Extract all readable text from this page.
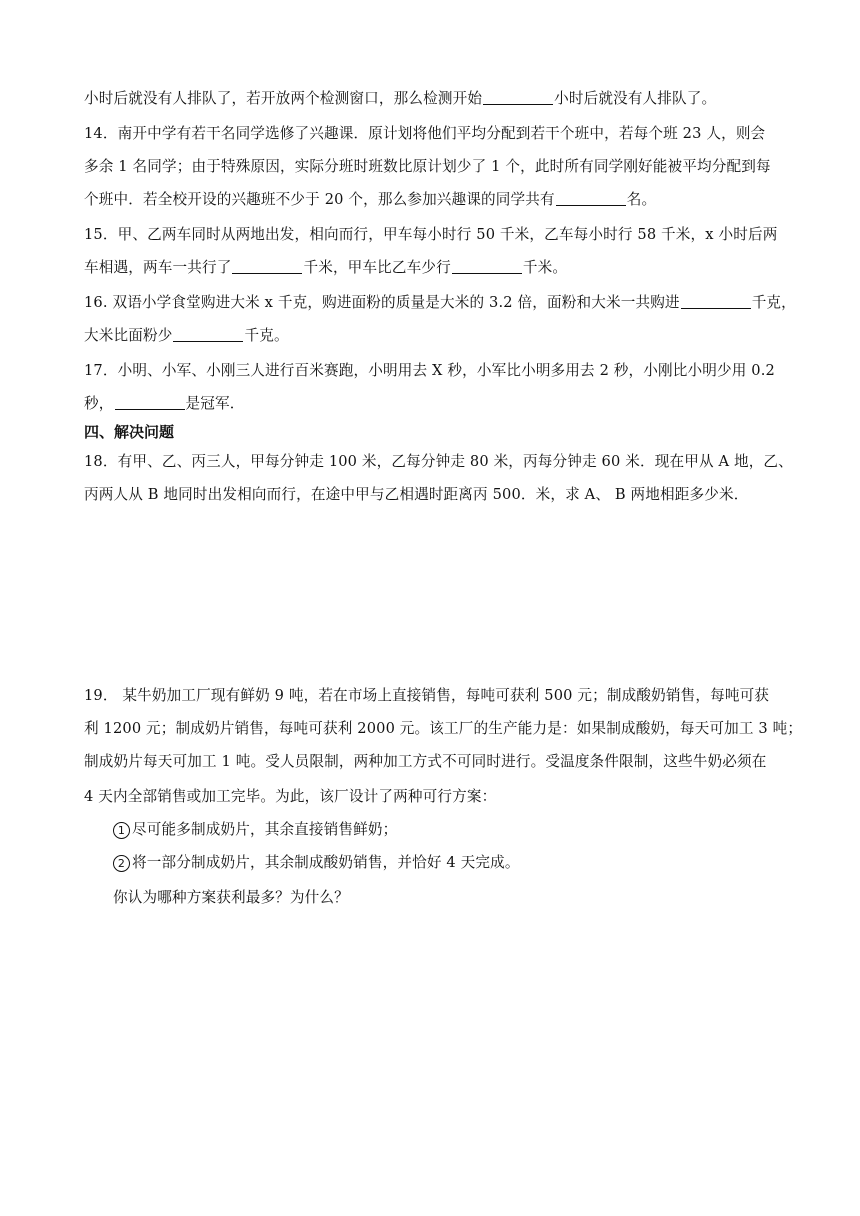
小时后就没有人排队了，若开放两个检测窗口，那么检测开始	小时后就没有人排队了。
14．南开中学有若干名同学选修了兴趣课．原计划将他们平均分配到若干个班中，若每个班 23 人，则会
多余 1 名同学；由于特殊原因，实际分班时班数比原计划少了 1 个，此时所有同学刚好能被平均分配到每
个班中．若全校开设的兴趣班不少于 20 个，那么参加兴趣课的同学共有	名。
15．甲、乙两车同时从两地出发，相向而行，甲车每小时行 50 千米，乙车每小时行 58 千米，x 小时后两
车相遇，两车一共行了	千米，甲车比乙车少行	千米。
16. 双语小学食堂购进大米 x 千克，购进面粉的质量是大米的 3.2 倍，面粉和大米一共购进	千克，
大米比面粉少	千克。
17．小明、小军、小刚三人进行百米赛跑，小明用去 X 秒，小军比小明多用去 2 秒，小刚比小明少用 0.2
秒，	是冠军．
四、解决问题
18．有甲、乙、丙三人，甲每分钟走 100 米，乙每分钟走 80 米，丙每分钟走 60 米．现在甲从 A 地，乙、
丙两人从 B 地同时出发相向而行，在途中甲与乙相遇时距离丙 500．米，求 A、 B 两地相距多少米．
19． 某牛奶加工厂现有鲜奶 9 吨，若在市场上直接销售，每吨可获利 500 元；制成酸奶销售，每吨可获
利 1200 元；制成奶片销售，每吨可获利 2000 元。该工厂的生产能力是：如果制成酸奶，每天可加工 3 吨；
制成奶片每天可加工 1 吨。受人员限制，两种加工方式不可同时进行。受温度条件限制，这些牛奶必须在
4 天内全部销售或加工完毕。为此，该厂设计了两种可行方案：
1 尽可能多制成奶片，其余直接销售鲜奶；
2 将一部分制成奶片，其余制成酸奶销售，并恰好 4 天完成。
你认为哪种方案获利最多？为什么？
